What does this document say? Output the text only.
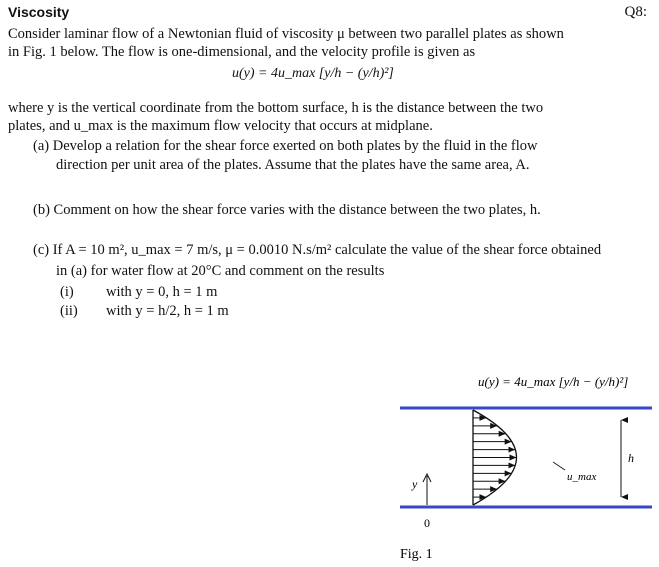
Viscosity	Q8:
Consider laminar flow of a Newtonian fluid of viscosity μ between two parallel plates as shown
in Fig. 1 below. The flow is one-dimensional, and the velocity profile is given as
u(y) = 4u_max [y/h − (y/h)²]
where y is the vertical coordinate from the bottom surface, h is the distance between the two
plates, and u_max is the maximum flow velocity that occurs at midplane.
(a) Develop a relation for the shear force exerted on both plates by the fluid in the flow
direction per unit area of the plates. Assume that the plates have the same area, A.
(b) Comment on how the shear force varies with the distance between the two plates, h.
(c) If A = 10 m², u_max = 7 m/s, μ = 0.0010 N.s/m² calculate the value of the shear force obtained
in (a) for water flow at 20°C and comment on the results
(i) with y = 0, h = 1 m
(ii) with y = h/2, h = 1 m
u(y) = 4u_max [y/h − (y/h)²]
u_max
h
y
0
Fig. 1
